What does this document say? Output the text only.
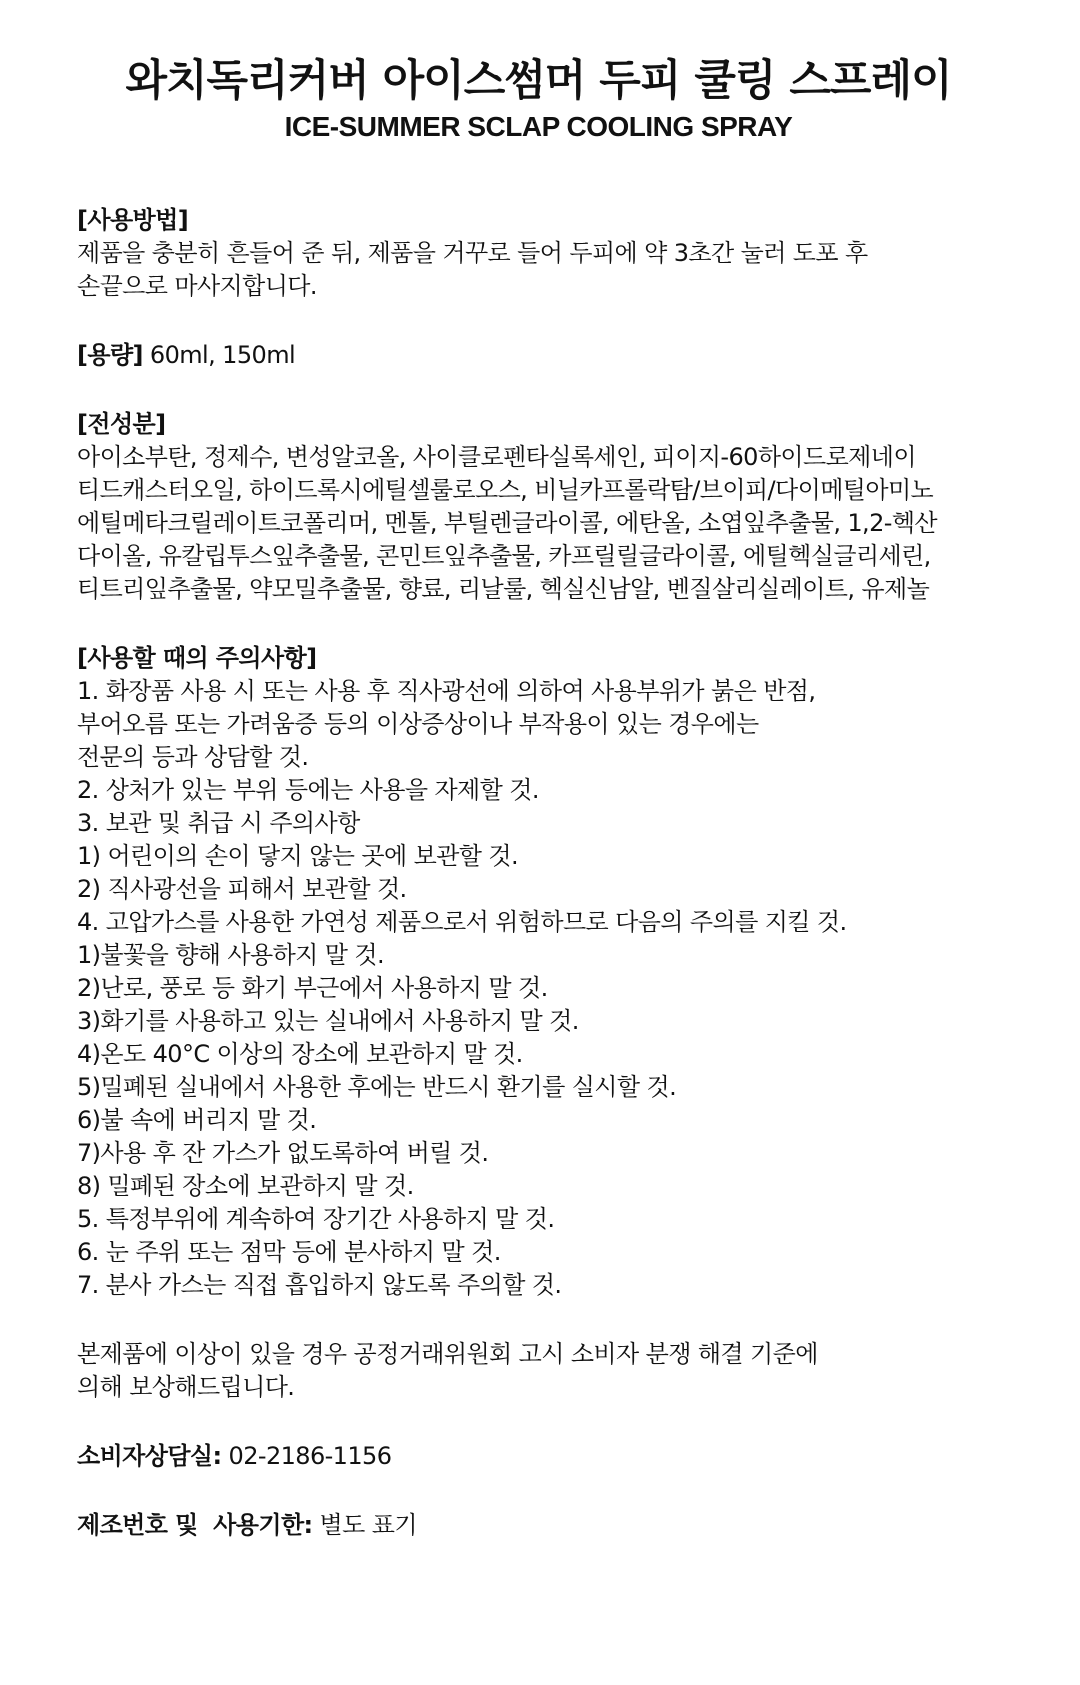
와치독리커버 아이스썸머 두피 쿨링 스프레이
ICE-SUMMER SCLAP COOLING SPRAY
[사용방법]
제품을 충분히 흔들어 준 뒤, 제품을 거꾸로 들어 두피에 약 3초간 눌러 도포 후
손끝으로 마사지합니다.
[용량] 60ml, 150ml
[전성분]
아이소부탄, 정제수, 변성알코올, 사이클로펜타실록세인, 피이지-60하이드로제네이
티드캐스터오일, 하이드록시에틸셀룰로오스, 비닐카프롤락탐/브이피/다이메틸아미노
에틸메타크릴레이트코폴리머, 멘톨, 부틸렌글라이콜, 에탄올, 소엽잎추출물, 1,2-헥산
다이올, 유칼립투스잎추출물, 콘민트잎추출물, 카프릴릴글라이콜, 에틸헥실글리세린,
티트리잎추출물, 약모밀추출물, 향료, 리날룰, 헥실신남알, 벤질살리실레이트, 유제놀
[사용할 때의 주의사항]
1. 화장품 사용 시 또는 사용 후 직사광선에 의하여 사용부위가 붉은 반점,
부어오름 또는 가려움증 등의 이상증상이나 부작용이 있는 경우에는
전문의 등과 상담할 것.
2. 상처가 있는 부위 등에는 사용을 자제할 것.
3. 보관 및 취급 시 주의사항
1) 어린이의 손이 닿지 않는 곳에 보관할 것.
2) 직사광선을 피해서 보관할 것.
4. 고압가스를 사용한 가연성 제품으로서 위험하므로 다음의 주의를 지킬 것.
1)불꽃을 향해 사용하지 말 것.
2)난로, 풍로 등 화기 부근에서 사용하지 말 것.
3)화기를 사용하고 있는 실내에서 사용하지 말 것.
4)온도 40°C 이상의 장소에 보관하지 말 것.
5)밀폐된 실내에서 사용한 후에는 반드시 환기를 실시할 것.
6)불 속에 버리지 말 것.
7)사용 후 잔 가스가 없도록하여 버릴 것.
8) 밀폐된 장소에 보관하지 말 것.
5. 특정부위에 계속하여 장기간 사용하지 말 것.
6. 눈 주위 또는 점막 등에 분사하지 말 것.
7. 분사 가스는 직접 흡입하지 않도록 주의할 것.
본제품에 이상이 있을 경우 공정거래위원회 고시 소비자 분쟁 해결 기준에
의해 보상해드립니다.
소비자상담실: 02-2186-1156
제조번호 및  사용기한: 별도 표기
